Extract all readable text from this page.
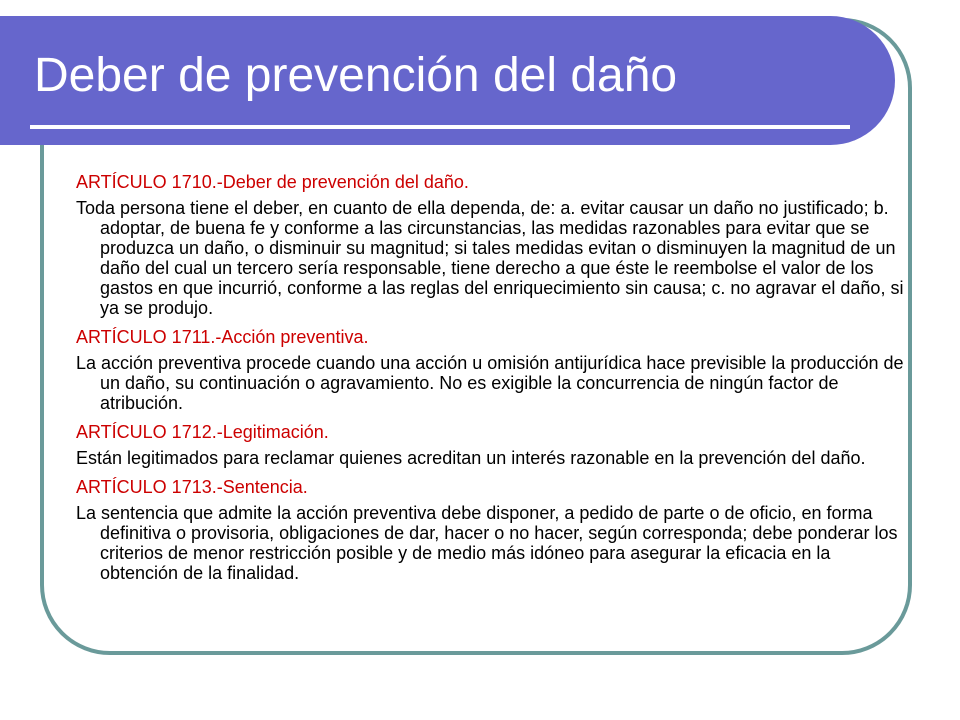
Deber de prevención del daño

ARTÍCULO 1710.-Deber de prevención del daño.

Toda persona tiene el deber, en cuanto de ella dependa, de: a. evitar causar un daño no justificado; b. adoptar, de buena fe y conforme a las circunstancias, las medidas razonables para evitar que se produzca un daño, o disminuir su magnitud; si tales medidas evitan o disminuyen la magnitud de un daño del cual un tercero sería responsable, tiene derecho a que éste le reembolse el valor de los gastos en que incurrió, conforme a las reglas del enriquecimiento sin causa; c. no agravar el daño, si ya se produjo.

ARTÍCULO 1711.-Acción preventiva.

La acción preventiva procede cuando una acción u omisión antijurídica hace previsible la producción de un daño, su continuación o agravamiento. No es exigible la concurrencia de ningún factor de atribución.

ARTÍCULO 1712.-Legitimación.

Están legitimados para reclamar quienes acreditan un interés razonable en la prevención del daño.

ARTÍCULO 1713.-Sentencia.

La sentencia que admite la acción preventiva debe disponer, a pedido de parte o de oficio, en forma definitiva o provisoria, obligaciones de dar, hacer o no hacer, según corresponda; debe ponderar los criterios de menor restricción posible y de medio más idóneo para asegurar la eficacia en la obtención de la finalidad.
